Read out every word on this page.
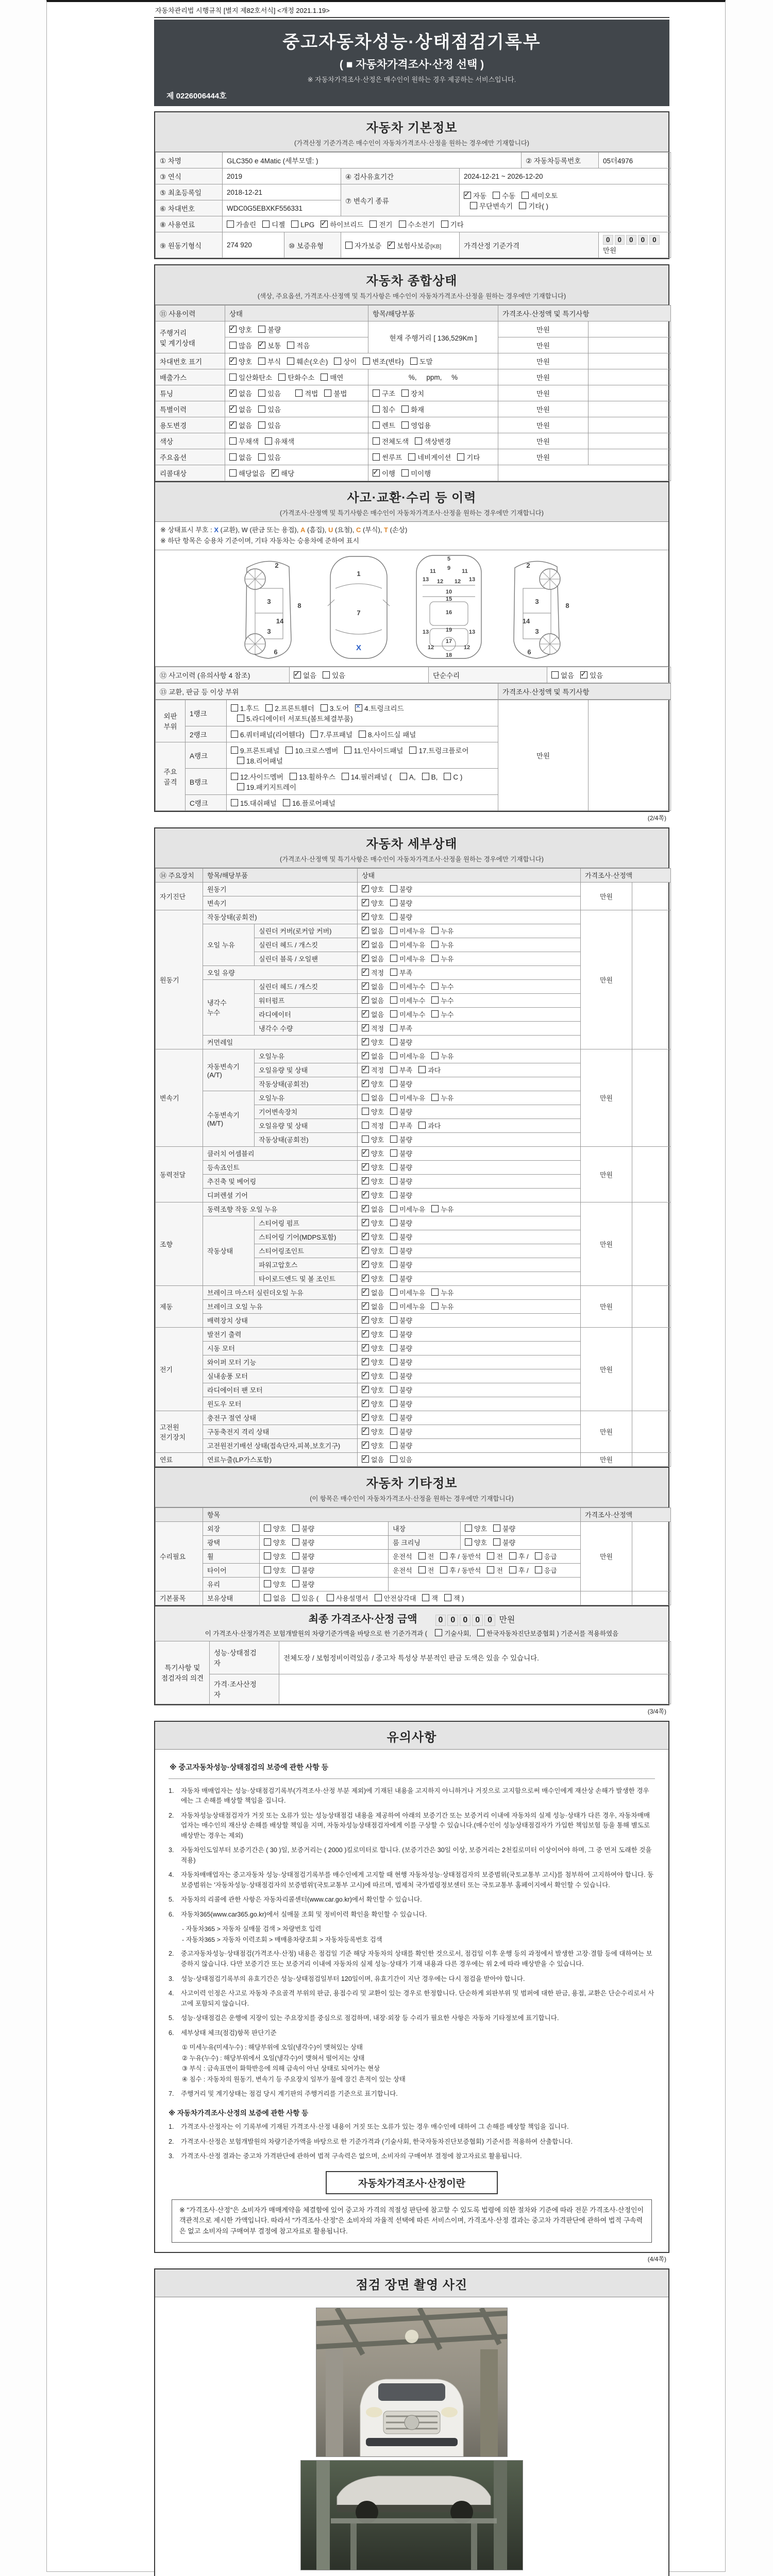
자동차관리법 시행규칙 [별지 제82호서식] <개정 2021.1.19>
중고자동차성능·상태점검기록부
( ■ 자동차가격조사·산정 선택 )
※ 자동차가격조사·산정은 매수인이 원하는 경우 제공하는 서비스입니다.
제 0226006444호
자동차 기본정보
(가격산정 기준가격은 매수인이 자동차가격조사·산정을 원하는 경우에만 기재합니다)
① 차명	GLC350 e 4Matic (세부모델: )				② 자동차등록번호	05더4976
③ 연식	2019		④ 검사유효기간	2024-12-21 ~ 2026-12-20		
⑤ 최초등록일	2018-12-21		⑦ 변속기 종류	✓자동 수동 세미오토
무단변속기 기타( )
⑥ 차대번호	WDC0G5EBXKF556331					
⑧ 사용연료	가솔린 디젤 LPG ✓ 하이브리드 전기 수소전기 기타
⑨ 원동기형식	274 920	⑩ 보증유형	자가보증 ✓ 보험사보증[KB]	가격산정 기준가격		0 0 0 0 0만원
자동차 종합상태
(색상, 주요옵션, 가격조사·산정액 및 특기사항은 매수인이 자동차가격조사·산정을 원하는 경우에만 기재합니다)
⑪ 사용이력	상태	항목/해당부품	가격조사·산정액 및 특기사항	
주행거리
및 계기상태	✓양호 불량	현재 주행거리 [ 136,529Km ]	만원	
	많음 ✓ 보통 적음		만원	
차대번호 표기	✓양호 부식 훼손(오손) 상이 변조(변타) 도말		만원	
배출가스	일산화탄소 탄화수소 매연	%,     ppm,     %	만원	
튜닝	✓없음 있음 적법 불법	구조 장치	만원	
특별이력	✓없음 있음	침수 화재	만원	
용도변경	✓없음 있음	렌트 영업용	만원	
색상	무채색 유채색	전체도색 색상변경	만원	
주요옵션	없음 있음	썬루프 네비게이션 기타	만원	
리콜대상	해당없음 ✓ 해당	✓이행 미이행	
사고·교환·수리 등 이력
(가격조사·산정액 및 특기사항은 매수인이 자동차가격조사·산정을 원하는 경우에만 기재합니다)
※ 상태표시 부호 : X (교환), W (판금 또는 용접), A (흠집), U (요철), C (부식), T (손상)
※ 하단 항목은 승용차 기준이며, 기타 자동차는 승용차에 준하여 표시
2
8
3
14
3
6
1
7
X
5
9
11	11
13	13
12 12
10
15
16
19
13	13
17
12	12
18
2
8
3
14
3
6
⑫ 사고이력 (유의사항 4 참조)	✓없음 있음	단순수리	없음 ✓ 있음
⑬ 교환, 판금 등 이상 부위	가격조사·산정액 및 특기사항
외판
부위	1랭크	1.후드 2.프론트휀더 3.도어 ✕ 4.트렁크리드
5.라디에이터 서포트(볼트체결부품)	만원	
	2랭크	6.쿼터패널(리어휀다) 7.루프패널 8.사이드실 패널		
주요
골격	A랭크	9.프론트패널 10.크로스멤버 11.인사이드패널 17.트렁크플로어
18.리어패널		
	B랭크	12.사이드멤버 13.휠하우스 14.필러패널 ( A, B, C )
19.패키지트레이		
	C랭크	15.대쉬패널 16.플로어패널		
(2/4쪽)
자동차 세부상태
(가격조사·산정액 및 특기사항은 매수인이 자동차가격조사·산정을 원하는 경우에만 기재합니다)
⑭ 주요장치	항목/해당부품		상태	가격조사·산정액	
자기진단	원동기	✓양호 불량	만원	
	변속기	✓양호 불량
원동기	작동상태(공회전)	✓양호 불량	만원	
	오일 누유	실린더 커버(로커암 커버)	✓없음 미세누유 누유
		실린더 헤드 / 개스킷	✓없음 미세누유 누유
		실린더 블록 / 오일팬	✓없음 미세누유 누유
	오일 유량	✓적정 부족
	냉각수
누수	실린더 헤드 / 개스킷	✓없음 미세누수 누수
		워터펌프	✓없음 미세누수 누수
		라디에이터	✓없음 미세누수 누수
		냉각수 수량	✓적정 부족
	커먼레일	✓양호 불량
변속기	자동변속기
(A/T)	오일누유	✓없음 미세누유 누유	만원	
		오일유량 및 상태	✓적정 부족 과다
		작동상태(공회전)	✓양호 불량
	수동변속기
(M/T)	오일누유	없음 미세누유 누유		
		기어변속장치	양호 불량		
		오일유량 및 상태	적정 부족 과다		
		작동상태(공회전)	양호 불량		
동력전달	클러치 어셈블리	✓양호 불량	만원	
	등속죠인트	✓양호 불량
	추진축 및 베어링	✓양호 불량
	디퍼렌셜 기어	✓양호 불량
조향	동력조향 작동 오일 누유	✓없음 미세누유 누유	만원	
	작동상태	스티어링 펌프	✓양호 불량
		스티어링 기어(MDPS포함)	✓양호 불량
		스티어링조인트	✓양호 불량
		파워고압호스	✓양호 불량
		타이로드엔드 및 볼 조인트	✓양호 불량
제동	브레이크 마스터 실린더오일 누유	✓없음 미세누유 누유	만원	
	브레이크 오일 누유	✓없음 미세누유 누유
	배력장치 상태	✓양호 불량
전기	발전기 출력	✓양호 불량	만원	
	시동 모터	✓양호 불량
	와이퍼 모터 기능	✓양호 불량
	실내송풍 모터	✓양호 불량
	라디에이터 팬 모터	✓양호 불량
	윈도우 모터	✓양호 불량
고전원
전기장치	충전구 절연 상태	✓양호 불량	만원	
	구동축전지 격리 상태	✓양호 불량
	고전원전기배선 상태(접속단자,피복,보호기구)	✓양호 불량
연료	연료누출(LP가스포함)	✓없음 있음	만원	
자동차 기타정보
(이 항목은 매수인이 자동차가격조사·산정을 원하는 경우에만 기재합니다)
	항목				가격조사·산정액	
수리필요	외장	양호 불량	내장	양호 불량	만원	
	광택	양호 불량	룸 크리닝	양호 불량		
	휠	양호 불량	운전석 전 후 / 동반석 전 후 / 응급			
	타이어	양호 불량	운전석 전 후 / 동반석 전 후 / 응급			
	유리	양호 불량				
기본품목	보유상태	없음 있음 ( 사용설명서 안전삼각대 잭 잭 )				
최종 가격조사·산정 금액	0 0 0 0 0 만원
이 가격조사·산정가격은 보험개발원의 차량기준가액을 바탕으로 한 기준가격과 ( 기술사회, 한국자동차진단보증협회 ) 기준서를 적용하였음
특기사항 및
점검자의 의견	성능·상태점검
자	전체도장 / 보험정비이력있음 / 중고차 특성상 부분적인 판금 도색은 있을 수 있습니다.
	가격·조사산정
자	
(3/4쪽)
유의사항
※ 중고자동차성능·상태점검의 보증에 관한 사항 등
1.	자동차 매매업자는 성능·상태점검기록부(가격조사·산정 부분 제외)에 기재된 내용을 고지하지 아니하거나 거짓으로 고지함으로써 매수인에게 재산상 손해가 발생한 경우에는 그 손해를 배상할 책임을 집니다.
2.	자동차성능상태점검자가 거짓 또는 오류가 있는 성능상태점검 내용을 제공하여 아래의 보증기간 또는 보증거리 이내에 자동차의 실제 성능·상태가 다른 경우, 자동차매매업자는 매수인의 재산상 손해를 배상할 책임을 지며, 자동차성능상태점검자에게 이를 구상할 수 있습니다.(매수인이 성능상태점검자가 가입한 책임보험 등을 통해 별도로 배상받는 경우는 제외)
3.	자동차인도일부터 보증기간은 ( 30 )일, 보증거리는 ( 2000 )킬로미터로 합니다. (보증기간은 30일 이상, 보증거리는 2천킬로미터 이상이어야 하며, 그 중 먼저 도래한 것을 적용)
4.	자동차매매업자는 중고자동차 성능·상태점검기록부를 매수인에게 고지할 때 현행 자동차성능·상태점검자의 보증범위(국토교통부 고시)를 첨부하여 고지하여야 합니다. 동 보증범위는 '자동차성능·상태점검자의 보증범위'(국토교통부 고시)에 따르며, 법제처 국가법령정보센터 또는 국토교통부 홈페이지에서 확인할 수 있습니다.
5.	자동차의 리콜에 관한 사항은 자동차리콜센터(www.car.go.kr)에서 확인할 수 있습니다.
6.	자동차365(www.car365.go.kr)에서 실매물 조회 및 정비이력 확인을 확인할 수 있습니다.
- 자동차365 > 자동차 실매물 검색 > 차량번호 입력
- 자동차365 > 자동차 이력조회 > 매매용차량조회 > 자동차등록번호 검색
2.	중고자동차성능·상태점검(가격조사·산정) 내용은 점검일 기준 해당 자동차의 상태를 확인한 것으로서, 점검일 이후 운행 등의 과정에서 발생한 고장·결함 등에 대하여는 보증하지 않습니다. 다만 보증기간 또는 보증거리 이내에 자동차의 실제 성능·상태가 기재 내용과 다른 경우에는 위 2.에 따라 배상받을 수 있습니다.
3.	성능·상태점검기록부의 유효기간은 성능·상태점검일부터 120일이며, 유효기간이 지난 경우에는 다시 점검을 받아야 합니다.
4.	사고이력 인정은 사고로 자동차 주요골격 부위의 판금, 용접수리 및 교환이 있는 경우로 한정합니다. 단순하게 외판부위 및 범퍼에 대한 판금, 용접, 교환은 단순수리로서 사고에 포함되지 않습니다.
5.	성능·상태점검은 운행에 지장이 있는 주요장치를 중심으로 점검하며, 내장·외장 등 수리가 필요한 사항은 자동차 기타정보에 표기합니다.
6.	세부상태 체크(점검)항목 판단기준
① 미세누유(미세누수) : 해당부위에 오일(냉각수)이 맺혀있는 상태
② 누유(누수) : 해당부위에서 오일(냉각수)이 맺혀서 떨어지는 상태
③ 부식 : 금속표면이 화학반응에 의해 금속이 아닌 상태로 되어가는 현상
④ 침수 : 자동차의 원동기, 변속기 등 주요장치 일부가 물에 잠긴 흔적이 있는 상태
7.	주행거리 및 계기상태는 점검 당시 계기판의 주행거리를 기준으로 표기합니다.
※ 자동차가격조사·산정의 보증에 관한 사항 등
1.	가격조사·산정자는 이 기록부에 기재된 가격조사·산정 내용이 거짓 또는 오류가 있는 경우 매수인에 대하여 그 손해를 배상할 책임을 집니다.
2.	가격조사·산정은 보험개발원의 차량기준가액을 바탕으로 한 기준가격과 (기술사회, 한국자동차진단보증협회) 기준서를 적용하여 산출합니다.
3.	가격조사·산정 결과는 중고차 가격판단에 관하여 법적 구속력은 없으며, 소비자의 구매여부 결정에 참고자료로 활용됩니다.
자동차가격조사·산정이란
※ "가격조사·산정"은 소비자가 매매계약을 체결함에 있어 중고차 가격의 적절성 판단에 참고할 수 있도록 법령에 의한 절차와 기준에 따라 전문 가격조사·산정인이 객관적으로 제시한 가액입니다. 따라서 "가격조사·산정"은 소비자의 자율적 선택에 따른 서비스이며, 가격조사·산정 결과는 중고차 가격판단에 관하여 법적 구속력은 없고 소비자의 구매여부 결정에 참고자료로 활용됩니다.
(4/4쪽)
점검 장면 촬영 사진
